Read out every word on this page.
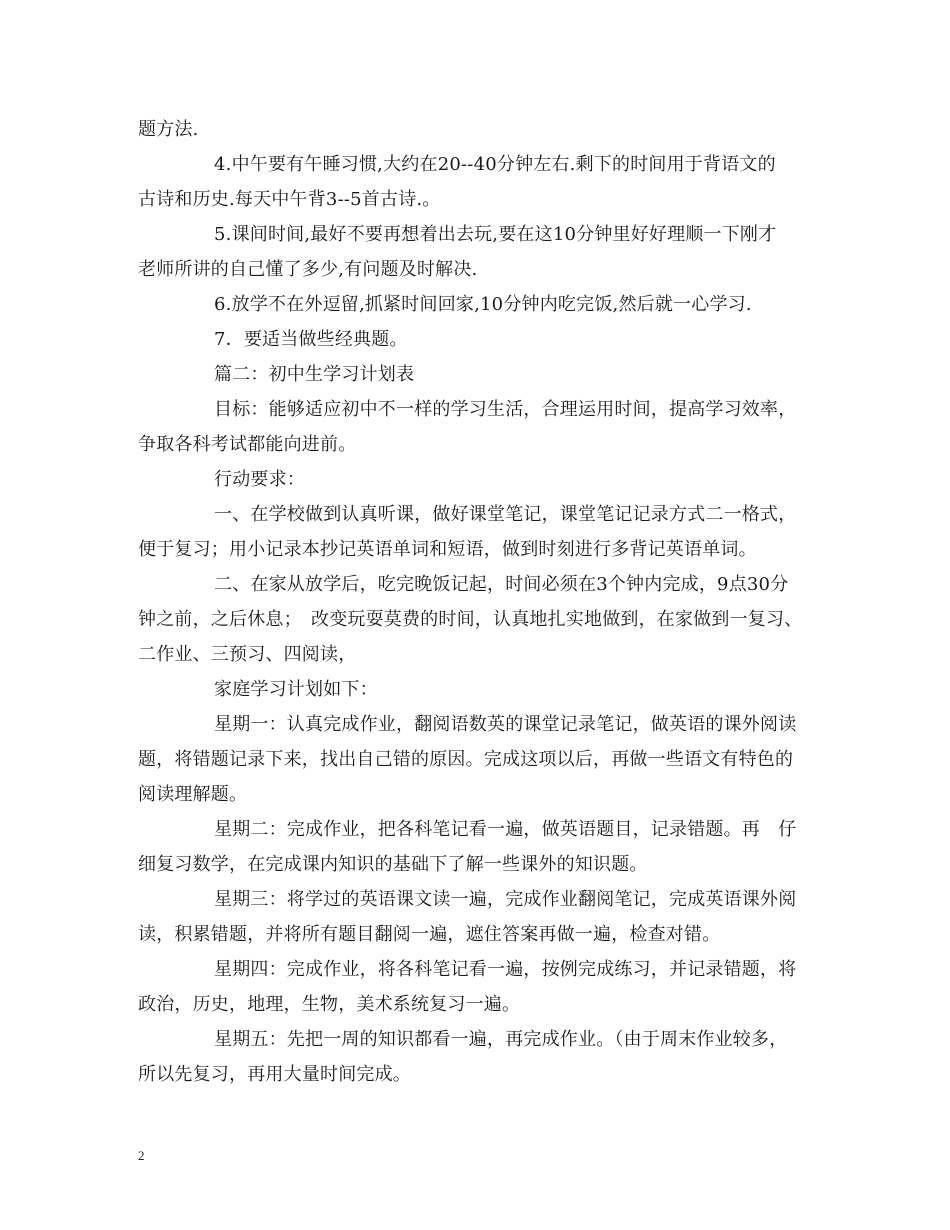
题方法.
4.中午要有午睡习惯,大约在20--40分钟左右.剩下的时间用于背语文的
古诗和历史.每天中午背3--5首古诗.。
5.课间时间,最好不要再想着出去玩,要在这10分钟里好好理顺一下刚才
老师所讲的自己懂了多少,有问题及时解决.
6.放学不在外逗留,抓紧时间回家,10分钟内吃完饭,然后就一心学习.
7．要适当做些经典题。
篇二：初中生学习计划表
目标：能够适应初中不一样的学习生活，合理运用时间，提高学习效率，
争取各科考试都能向进前。
行动要求：
一、在学校做到认真听课，做好课堂笔记，课堂笔记记录方式二一格式，
便于复习；用小记录本抄记英语单词和短语，做到时刻进行多背记英语单词。
二、在家从放学后，吃完晚饭记起，时间必须在3个钟内完成，9点30分
钟之前，之后休息；　改变玩耍莫费的时间，认真地扎实地做到，在家做到一复习、
二作业、三预习、四阅读，
家庭学习计划如下：
星期一：认真完成作业，翻阅语数英的课堂记录笔记，做英语的课外阅读
题，将错题记录下来，找出自己错的原因。完成这项以后，再做一些语文有特色的
阅读理解题。
星期二：完成作业，把各科笔记看一遍，做英语题目，记录错题。再　仔
细复习数学，在完成课内知识的基础下了解一些课外的知识题。
星期三：将学过的英语课文读一遍，完成作业翻阅笔记，完成英语课外阅
读，积累错题，并将所有题目翻阅一遍，遮住答案再做一遍，检查对错。
星期四：完成作业，将各科笔记看一遍，按例完成练习，并记录错题，将
政治，历史，地理，生物，美术系统复习一遍。
星期五：先把一周的知识都看一遍，再完成作业。（由于周末作业较多，
所以先复习，再用大量时间完成。
2
